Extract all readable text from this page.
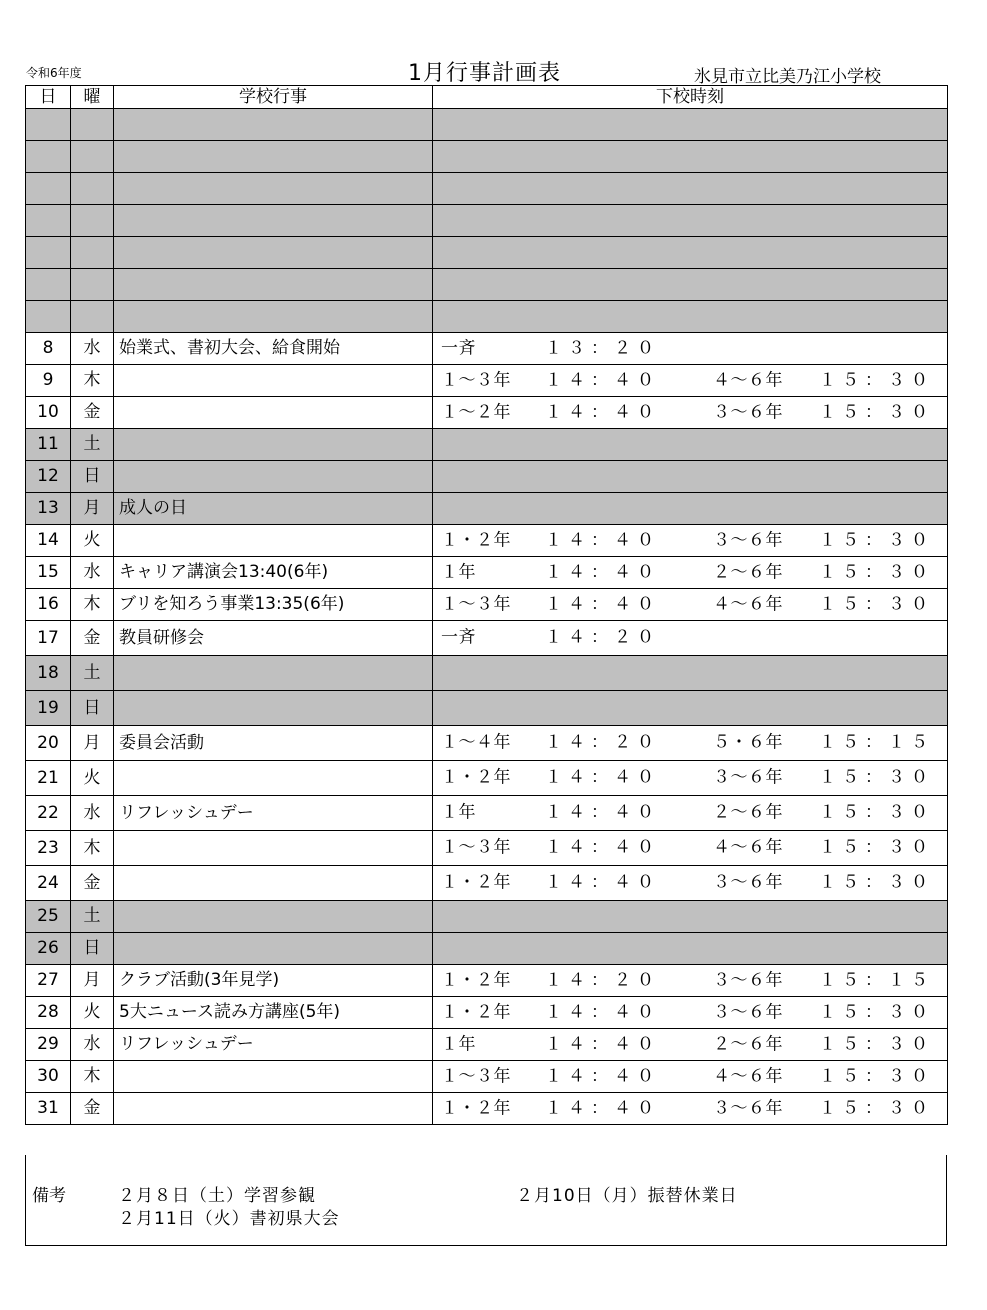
令和6年度	1月行事計画表	氷見市立比美乃江小学校
日	曜	学校行事	下校時刻

8	水	始業式、書初大会、給食開始	一斉 １３：２０

9	木		１～３年 １４：４０ ４～６年 １５：３０

10	金		１～２年 １４：４０ ３～６年 １５：３０

11	土		

12	日		

13	月	成人の日	

14	火		１・２年 １４：４０ ３～６年 １５：３０

15	水	キャリア講演会13:40(6年)	１年 １４：４０ ２～６年 １５：３０

16	木	ブリを知ろう事業13:35(6年)	１～３年 １４：４０ ４～６年 １５：３０

17	金	教員研修会	一斉 １４：２０

18	土		

19	日		

20	月	委員会活動	１～４年 １４：２０ ５・６年 １５：１５

21	火		１・２年 １４：４０ ３～６年 １５：３０

22	水	リフレッシュデー	１年 １４：４０ ２～６年 １５：３０

23	木		１～３年 １４：４０ ４～６年 １５：３０

24	金		１・２年 １４：４０ ３～６年 １５：３０

25	土		

26	日		

27	月	クラブ活動(3年見学)	１・２年 １４：２０ ３～６年 １５：１５

28	火	5大ニュース読み方講座(5年)	１・２年 １４：４０ ３～６年 １５：３０

29	水	リフレッシュデー	１年 １４：４０ ２～６年 １５：３０

30	木		１～３年 １４：４０ ４～６年 １５：３０

31	金		１・２年 １４：４０ ３～６年 １５：３０
備考	２月８日（土）学習参観	２月10日（月）振替休業日
２月11日（火）書初県大会
